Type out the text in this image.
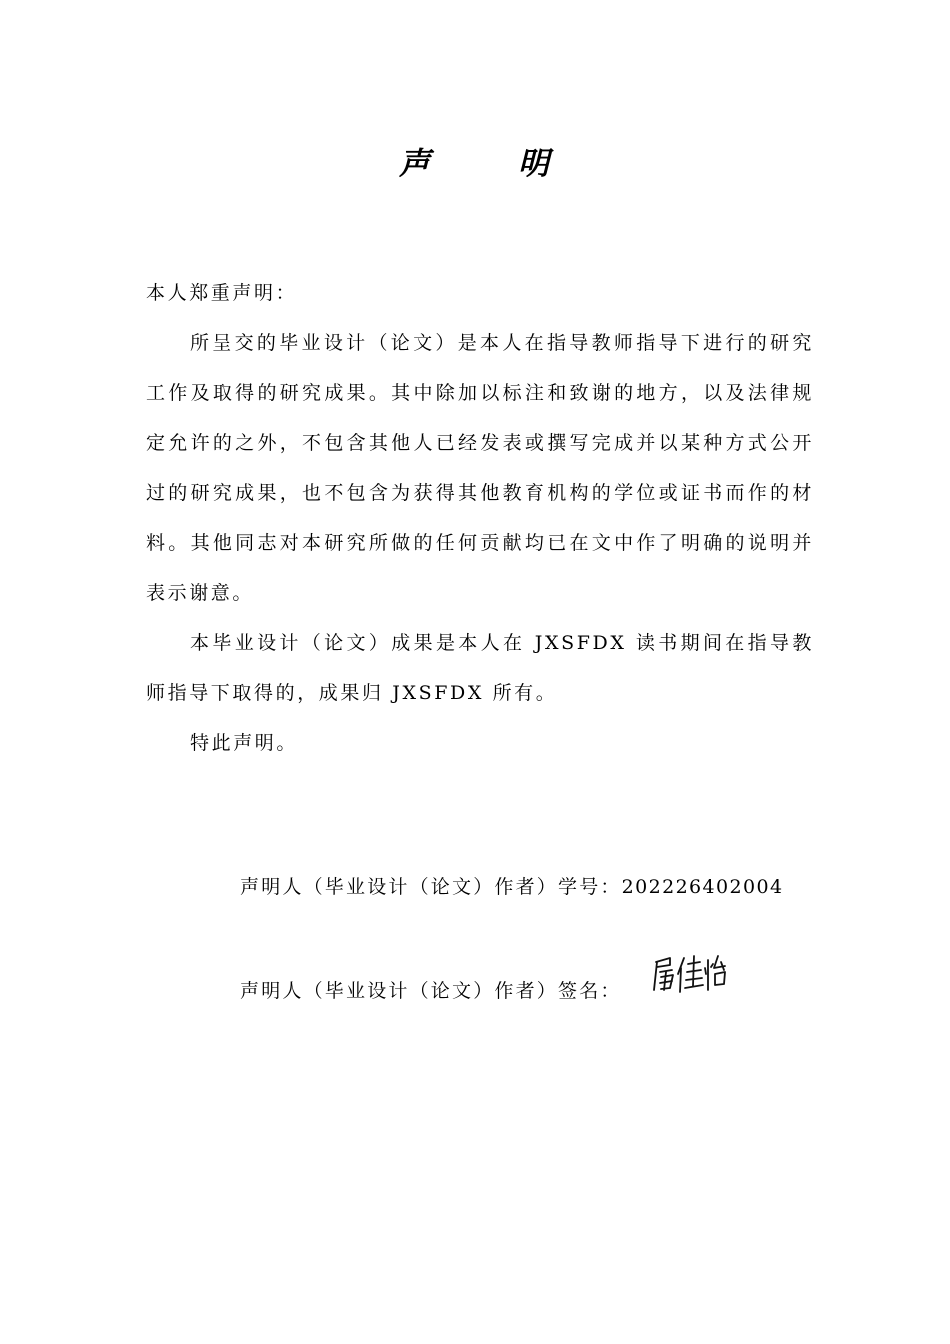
声	明

本人郑重声明：

所呈交的毕业设计（论文）是本人在指导教师指导下进行的研究工作及取得的研究成果。其中除加以标注和致谢的地方，以及法律规定允许的之外，不包含其他人已经发表或撰写完成并以某种方式公开过的研究成果，也不包含为获得其他教育机构的学位或证书而作的材料。其他同志对本研究所做的任何贡献均已在文中作了明确的说明并表示谢意。

本毕业设计（论文）成果是本人在 JXSFDX 读书期间在指导教师指导下取得的，成果归 JXSFDX 所有。

特此声明。

声明人（毕业设计（论文）作者）学号：202226402004
声明人（毕业设计（论文）作者）签名：
